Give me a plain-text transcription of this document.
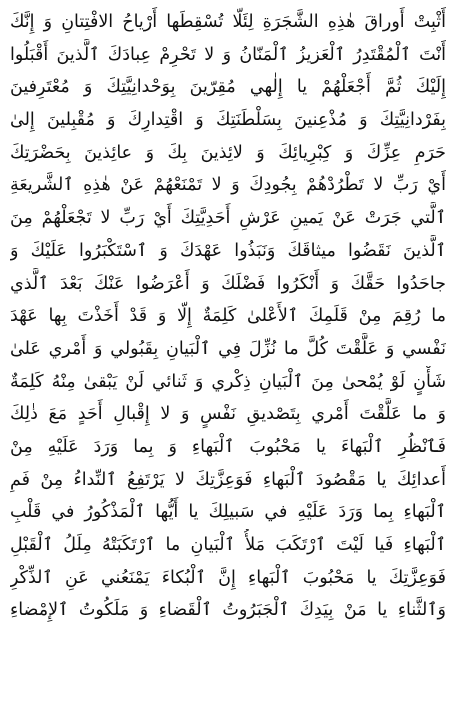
أَثْبِتْ أَوراقَ هٰذِهِ الشَّجَرَةِ لِئَلّا تُسْقِطَها أَرْياحُ الافْتِتانِ وَ إِنَّكَ
أَنْتَ ٱلْمُقْتَدِرُ ٱلْعَزيزُ ٱلْمَنّانُ وَ لا تَحْرِمْ عِبادَكَ ٱلَّذينَ أَقْبَلُوا
إِلَيْكَ ثُمَّ أَجْعَلْهُمْ يا إِلٰهي مُقِرّينَ بِوَحْدانِيَّتِكَ وَ مُعْتَرِفينَ
بِفَرْدانِيَّتِكَ وَ مُذْعِنينَ بِسَلْطَنَتِكَ وَ اقْتِدارِكَ وَ مُقْبِلينَ إِلىٰ
حَرَمِ عِزِّكَ وَ كِبْرِيائِكَ وَ لائِذينَ بِكَ وَ عائِذينَ بِحَضْرَتِكَ
أَيْ رَبِّ لا تَطْرُدْهُمْ بِجُودِكَ وَ لا تَمْنَعْهُمْ عَنْ هٰذِهِ ٱلشَّريعَةِ
ٱلَّتي جَرَتْ عَنْ يَمينِ عَرْشِ أَحَدِيَّتِكَ أَيْ رَبِّ لا تَجْعَلْهُمْ مِنَ
ٱلَّذينَ نَقَضُوا ميثاقَكَ وَنَبَذُوا عَهْدَكَ وَ ٱسْتَكْبَرُوا عَلَيْكَ وَ
جاحَدُوا حَقَّكَ وَ أَنْكَرُوا فَضْلَكَ وَ أَعْرَضُوا عَنْكَ بَعْدَ ٱلَّذي
ما رُقِمَ مِنْ قَلَمِكَ ٱلأَعْلىٰ كَلِمَةٌ إِلّا وَ قَدْ أَخَذْتَ بِها عَهْدَ
نَفْسي وَ عَلَّقْتَ كُلَّ ما نُزِّلَ فِي ٱلْبَيانِ بِقَبُولي وَ أَمْري عَلىٰ
شَأْنٍ لَوْ يُمْحىٰ مِنَ ٱلْبَيانِ ذِكْري وَ ثَنائي لَنْ يَبْقىٰ مِنْهُ كَلِمَةٌ
وَ ما عَلَّقْتَ أَمْري بِتَصْديقِ نَفْسٍ وَ لا إِقْبالِ أَحَدٍ مَعَ ذٰلِكَ
فَٱنْظُرِ ٱلْبَهاءَ يا مَحْبُوبَ ٱلْبَهاءِ وَ بِما وَرَدَ عَلَيْهِ مِنْ
أَعدائِكَ يا مَقْصُودَ ٱلْبَهاءِ فَوَعِزَّتِكَ لا يَرْتَفِعُ ٱلنِّداءُ مِنْ فَمِ
ٱلْبَهاءِ بِما وَرَدَ عَلَيْهِ في سَبيلِكَ يا أَيُّها ٱلْمَذْكُورُ في قَلْبِ
ٱلْبَهاءِ فَيا لَيْتَ ٱرْتَكَبَ مَلأُ ٱلْبَيانِ ما ٱرْتَكَبَتْهُ مِلَلُ ٱلْقَبْلِ
فَوَعِزَّتِكَ يا مَحْبُوبَ ٱلْبَهاءِ إِنَّ ٱلْبُكاءَ يَمْنَعُني عَنِ ٱلذِّكْرِ
وَٱلثَّناءِ يا مَنْ بِيَدِكَ ٱلْجَبَرُوتُ ٱلْقَضاءِ وَ مَلَكُوتُ ٱلإِمْضاءِ
